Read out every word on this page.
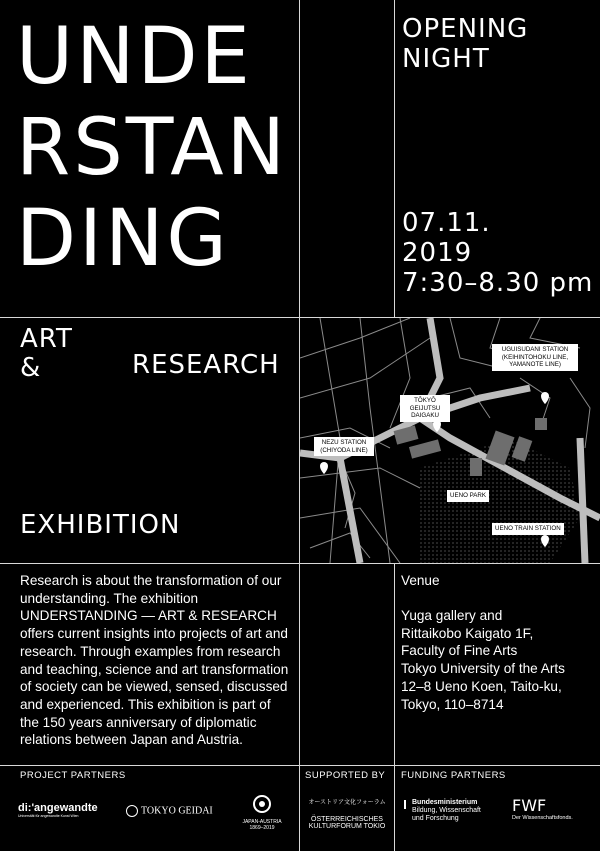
UNDE
RSTAN
DING
OPENING
NIGHT
07.11.
2019
7:30–8.30 pm
ART
&	RESEARCH
EXHIBITION
UGUISUDANI STATION (KEIHINTOHOKU LINE, YAMANOTE LINE)
TŌKYŌ GEIJUTSU DAIGAKU
NEZU STATION (CHIYODA LINE)
UENO PARK
UENO TRAIN STATION
Research is about the transformation of our understanding. The exhibition UNDERSTANDING — ART & RESEARCH offers current insights into projects of art and research. Through examples from research and teaching, science and art transformation of society can be viewed, sensed, discussed and experienced. This exhibition is part of the 150 years anniversary of diplomatic relations between Japan and Austria.
Venue
Yuga gallery and
Rittaikobo Kaigato 1F,
Faculty of Fine Arts
Tokyo University of the Arts
12–8 Ueno Koen, Taito-ku,
Tokyo, 110–8714
PROJECT PARTNERS	SUPPORTED BY FUNDING PARTNERS
di:'angewandte
Universität für angewandte Kunst Wien	TOKYO GEIDAI
JAPAN-AUSTRIA
1869–2019
オーストリア文化フォーラム
ÖSTERREICHISCHES
KULTURFORUM TOKIO
Bundesministerium
Bildung, Wissenschaft
und Forschung
FWF
Der Wissenschaftsfonds.
